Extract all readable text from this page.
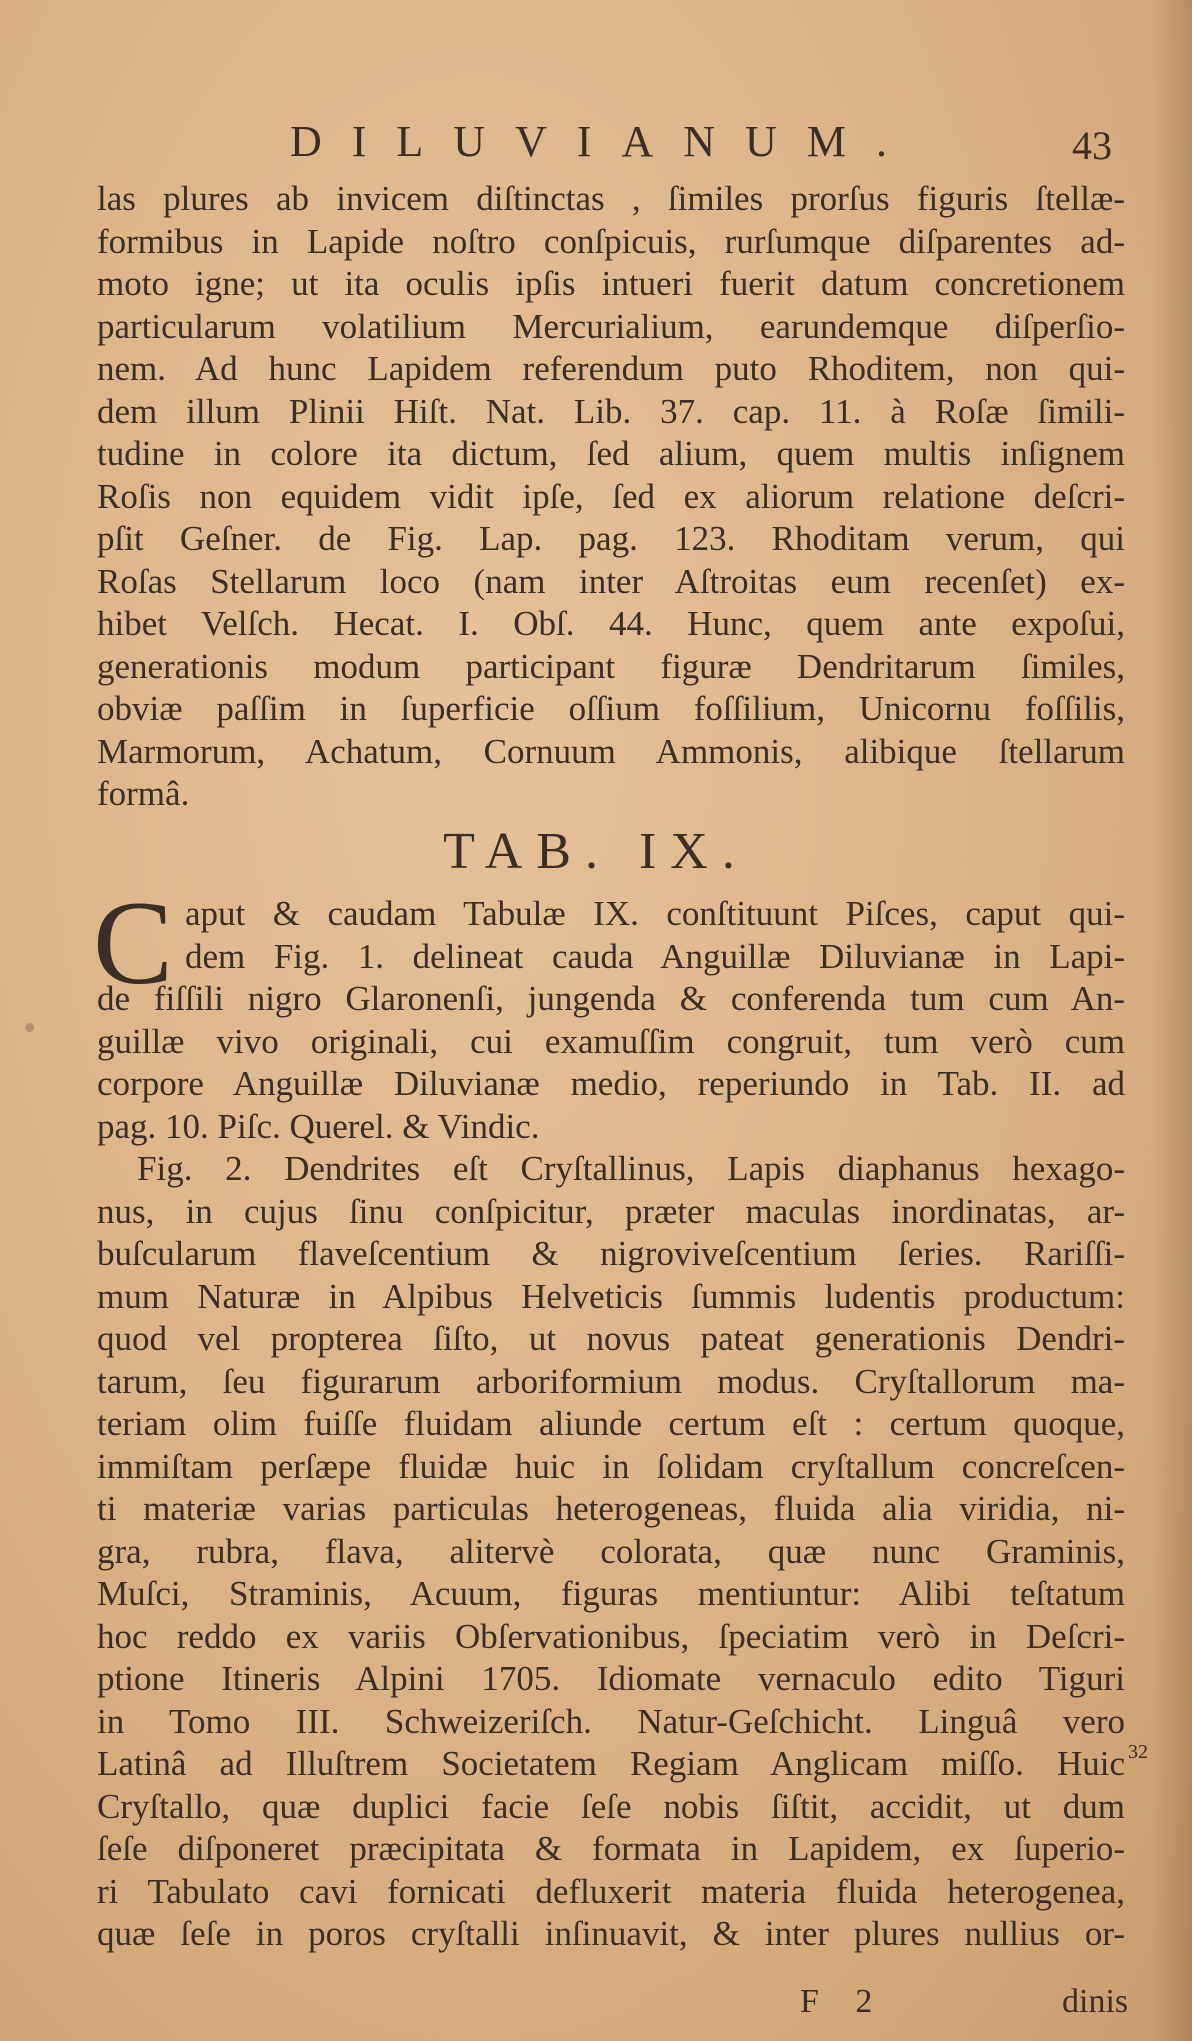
DILUVIANUM.	43
las plures ab invicem diſtinctas , ſimiles prorſus figuris ſtellæ-
formibus in Lapide noſtro conſpicuis, rurſumque diſparentes ad-
moto igne; ut ita oculis ipſis intueri fuerit datum concretionem
particularum volatilium Mercurialium, earundemque diſperſio-
nem. Ad hunc Lapidem referendum puto Rhoditem, non qui-
dem illum Plinii Hiſt. Nat. Lib. 37. cap. 11. à Roſæ ſimili-
tudine in colore ita dictum, ſed alium, quem multis inſignem
Roſis non equidem vidit ipſe, ſed ex aliorum relatione deſcri-
pſit Geſner. de Fig. Lap. pag. 123. Rhoditam verum, qui
Roſas Stellarum loco (nam inter Aſtroitas eum recenſet) ex-
hibet Velſch. Hecat. I. Obſ. 44. Hunc, quem ante expoſui,
generationis modum participant figuræ Dendritarum ſimiles,
obviæ paſſim in ſuperficie oſſium foſſilium, Unicornu foſſilis,
Marmorum, Achatum, Cornuum Ammonis, alibique ſtellarum
formâ.
TAB. IX.
C aput & caudam Tabulæ IX. conſtituunt Piſces, caput qui-
dem Fig. 1. delineat cauda Anguillæ Diluvianæ in Lapi-
de fiſſili nigro Glaronenſi, jungenda & conferenda tum cum An-
guillæ vivo originali, cui examuſſim congruit, tum verò cum
corpore Anguillæ Diluvianæ medio, reperiundo in Tab. II. ad
pag. 10. Piſc. Querel. & Vindic.
Fig. 2. Dendrites eſt Cryſtallinus, Lapis diaphanus hexago-
nus, in cujus ſinu conſpicitur, præter maculas inordinatas, ar-
buſcularum flaveſcentium & nigroviveſcentium ſeries. Rariſſi-
mum Naturæ in Alpibus Helveticis ſummis ludentis productum:
quod vel propterea ſiſto, ut novus pateat generationis Dendri-
tarum, ſeu figurarum arboriformium modus. Cryſtallorum ma-
teriam olim fuiſſe fluidam aliunde certum eſt : certum quoque,
immiſtam perſæpe fluidæ huic in ſolidam cryſtallum concreſcen-
ti materiæ varias particulas heterogeneas, fluida alia viridia, ni-
gra, rubra, flava, alitervè colorata, quæ nunc Graminis,
Muſci, Straminis, Acuum, figuras mentiuntur: Alibi teſtatum
hoc reddo ex variis Obſervationibus, ſpeciatim verò in Deſcri-
ptione Itineris Alpini 1705. Idiomate vernaculo edito Tiguri
in Tomo III. Schweizeriſch. Natur-Geſchicht. Linguâ vero
Latinâ ad Illuſtrem Societatem Regiam Anglicam miſſo. Huic
Cryſtallo, quæ duplici facie ſeſe nobis ſiſtit, accidit, ut dum
ſeſe diſponeret præcipitata & formata in Lapidem, ex ſuperio-
ri Tabulato cavi fornicati defluxerit materia fluida heterogenea,
quæ ſeſe in poros cryſtalli inſinuavit, & inter plures nullius or-
32
F 2	dinis
